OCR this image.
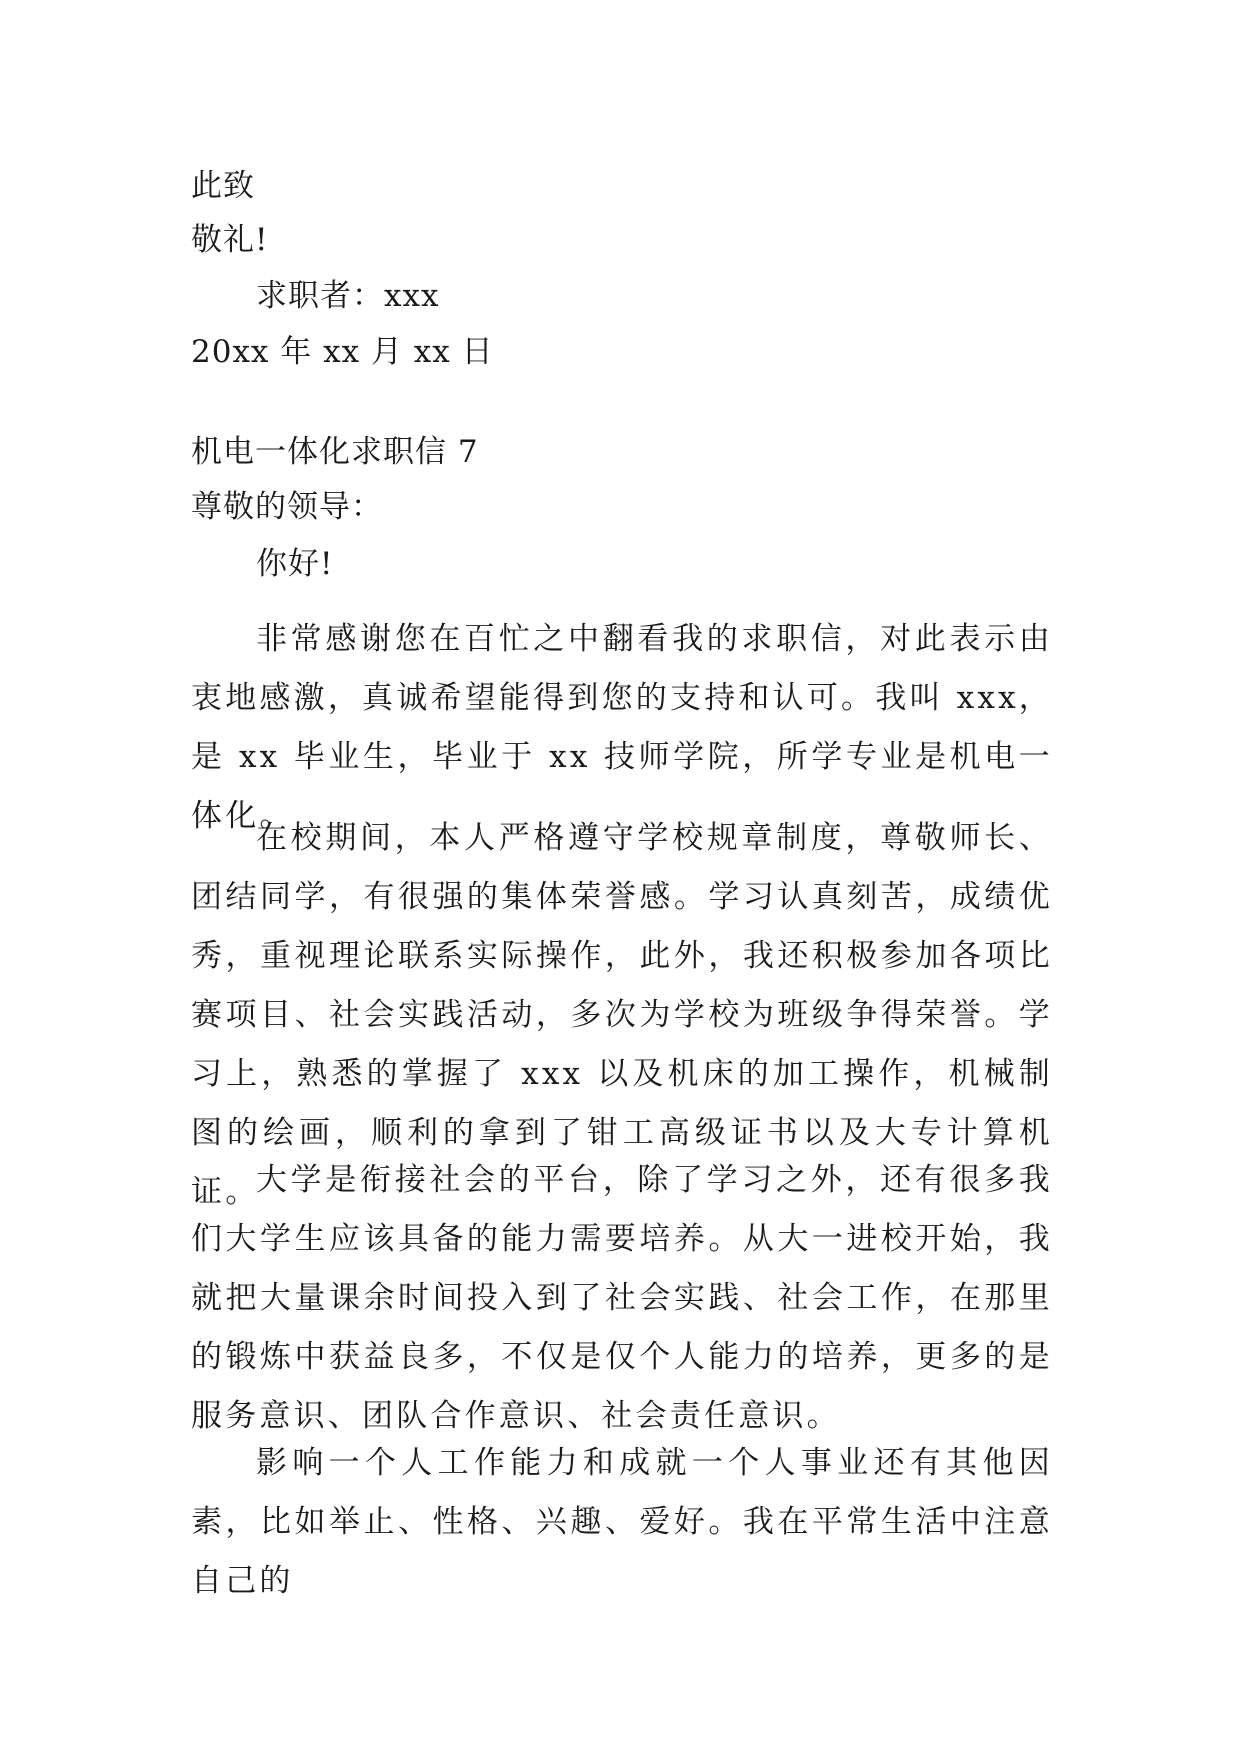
此致
敬礼!
求职者：xxx
20xx 年 xx 月 xx 日
机电一体化求职信 7
尊敬的领导：
你好!
非常感谢您在百忙之中翻看我的求职信，对此表示由衷地感激，真诚希望能得到您的支持和认可。我叫 xxx，是 xx 毕业生，毕业于 xx 技师学院，所学专业是机电一体化。
在校期间，本人严格遵守学校规章制度，尊敬师长、团结同学，有很强的集体荣誉感。学习认真刻苦，成绩优秀，重视理论联系实际操作，此外，我还积极参加各项比赛项目、社会实践活动，多次为学校为班级争得荣誉。学习上，熟悉的掌握了 xxx 以及机床的加工操作，机械制图的绘画，顺利的拿到了钳工高级证书以及大专计算机证。
大学是衔接社会的平台，除了学习之外，还有很多我们大学生应该具备的能力需要培养。从大一进校开始，我就把大量课余时间投入到了社会实践、社会工作，在那里的锻炼中获益良多，不仅是仅个人能力的培养，更多的是服务意识、团队合作意识、社会责任意识。
影响一个人工作能力和成就一个人事业还有其他因素，比如举止、性格、兴趣、爱好。我在平常生活中注意自己的
